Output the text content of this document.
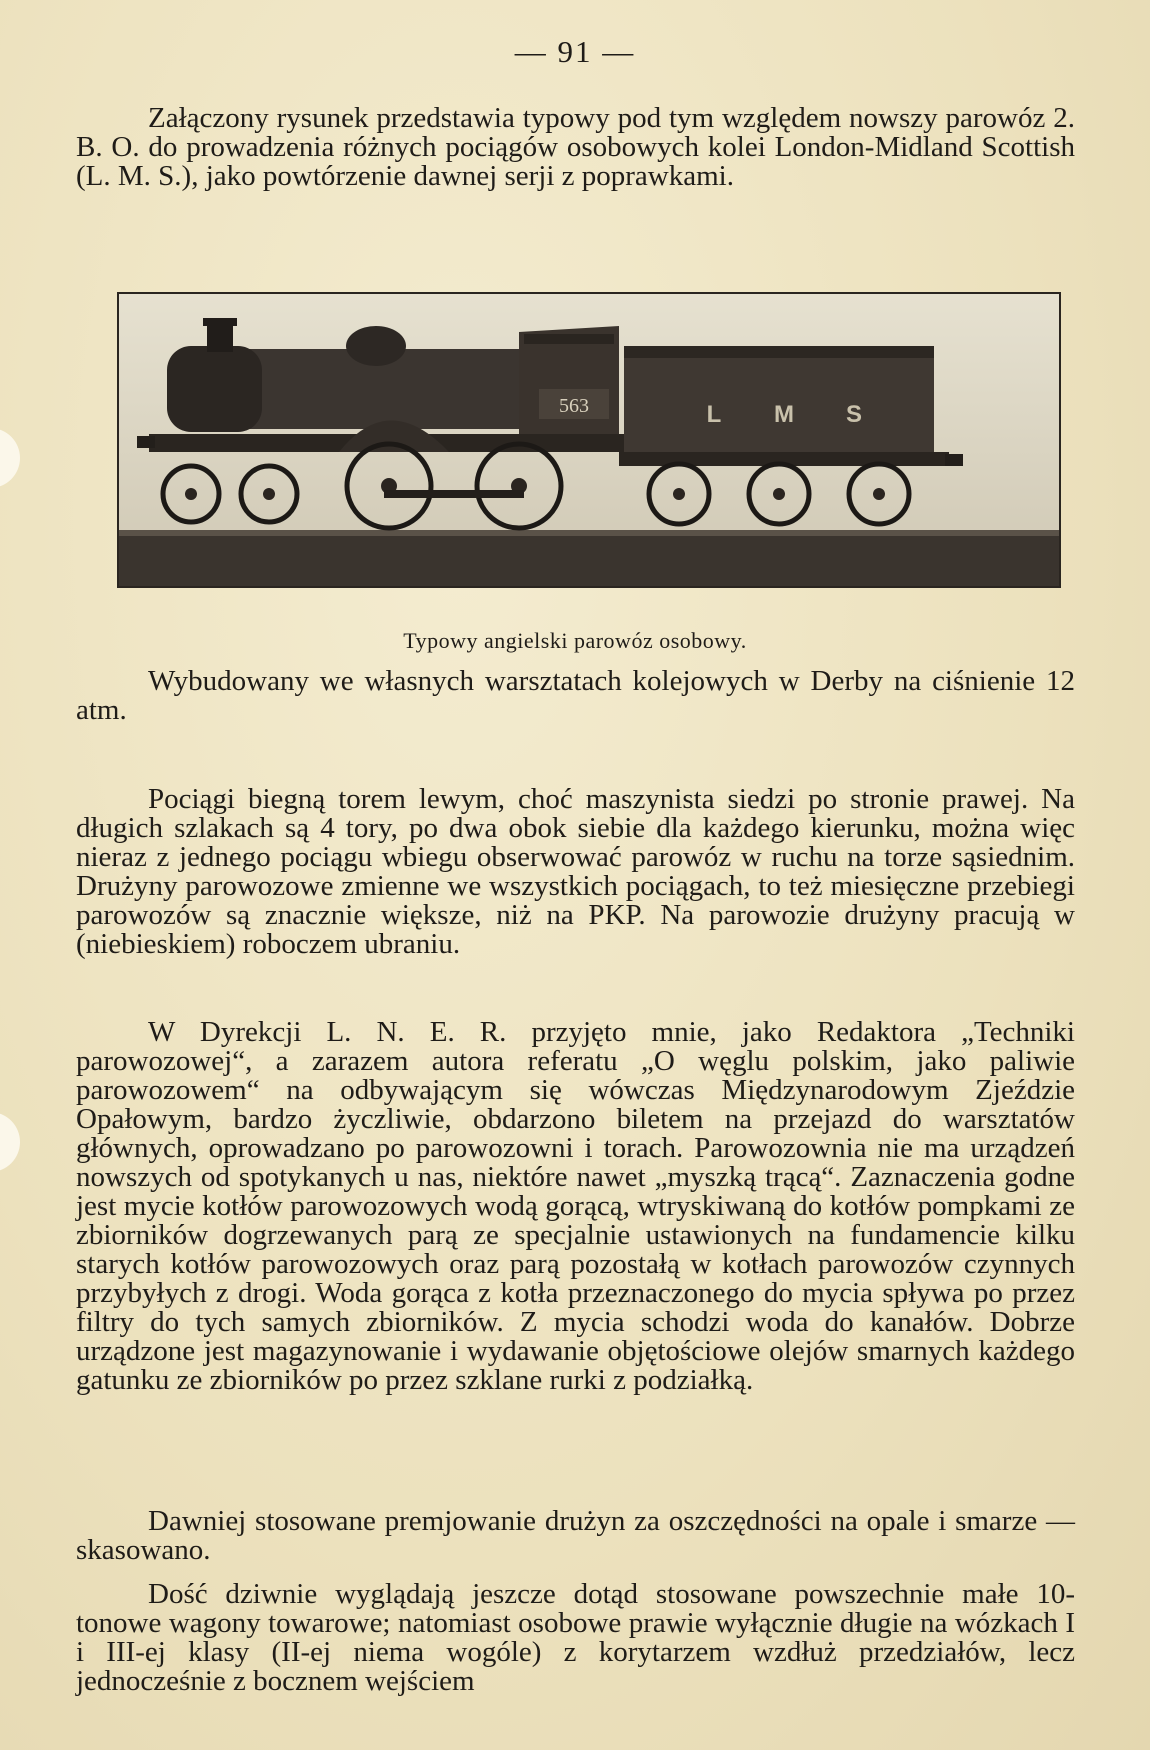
— 91 —

Załączony rysunek przedstawia typowy pod tym względem nowszy parowóz 2. B. O. do prowadzenia różnych pociągów osobowych kolei London-Midland Scottish (L. M. S.), jako powtórzenie dawnej serji z poprawkami.

563	L M S
Typowy angielski parowóz osobowy.

Wybudowany we własnych warsztatach kolejowych w Derby na ciśnienie 12 atm.

Pociągi biegną torem lewym, choć maszynista siedzi po stronie prawej. Na długich szlakach są 4 tory, po dwa obok siebie dla każdego kierunku, można więc nieraz z jednego pociągu wbiegu obserwować parowóz w ruchu na torze sąsiednim. Drużyny parowozowe zmienne we wszystkich pociągach, to też miesięczne przebiegi parowozów są znacznie większe, niż na PKP. Na parowozie drużyny pracują w (niebieskiem) roboczem ubraniu.

W Dyrekcji L. N. E. R. przyjęto mnie, jako Redaktora „Techniki parowozowej“, a zarazem autora referatu „O węglu polskim, jako paliwie parowozowem“ na odbywającym się wówczas Międzynarodowym Zjeździe Opałowym, bardzo życzliwie, obdarzono biletem na przejazd do warsztatów głównych, oprowadzano po parowozowni i torach. Parowozownia nie ma urządzeń nowszych od spotykanych u nas, niektóre nawet „myszką trącą“. Zaznaczenia godne jest mycie kotłów parowozowych wodą gorącą, wtryskiwaną do kotłów pompkami ze zbiorników dogrzewanych parą ze specjalnie ustawionych na fundamencie kilku starych kotłów parowozowych oraz parą pozostałą w kotłach parowozów czynnych przybyłych z drogi. Woda gorąca z kotła przeznaczonego do mycia spływa po przez filtry do tych samych zbiorników. Z mycia schodzi woda do kanałów. Dobrze urządzone jest magazynowanie i wydawanie objętościowe olejów smarnych każdego gatunku ze zbiorników po przez szklane rurki z podziałką.

Dawniej stosowane premjowanie drużyn za oszczędności na opale i smarze — skasowano.

Dość dziwnie wyglądają jeszcze dotąd stosowane powszechnie małe 10-tonowe wagony towarowe; natomiast osobowe prawie wyłącznie długie na wózkach I i III-ej klasy (II-ej niema wogóle) z korytarzem wzdłuż przedziałów, lecz jednocześnie z bocznem wejściem
